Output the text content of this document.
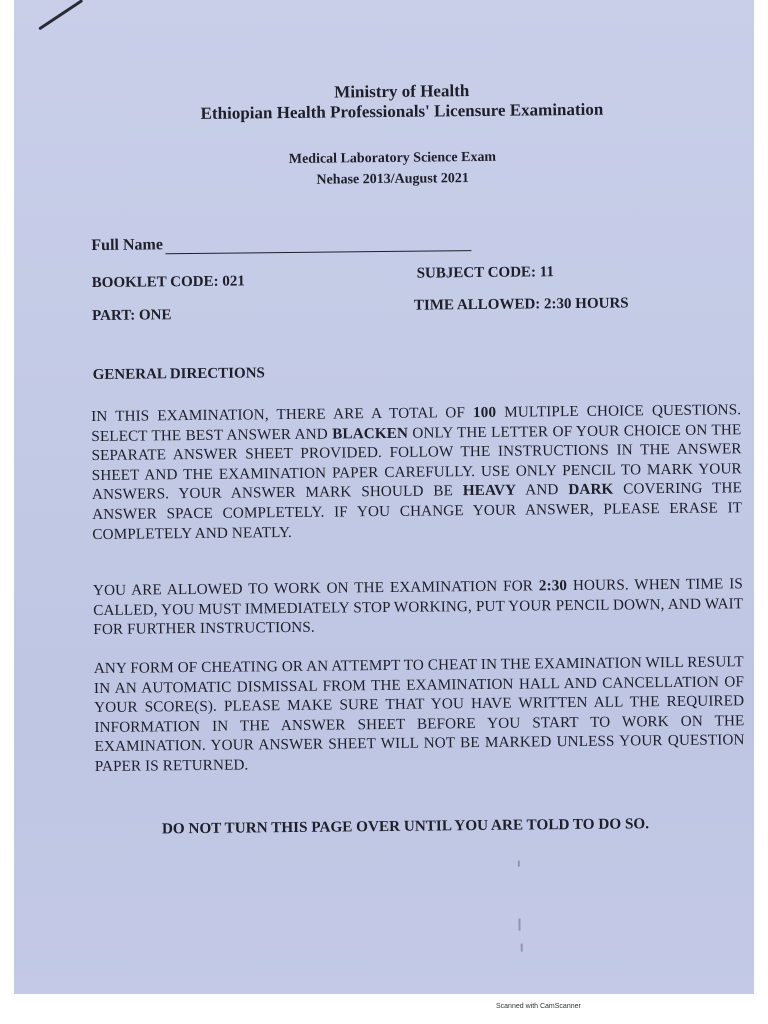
Ministry of Health

Ethiopian Health Professionals' Licensure Examination

Medical Laboratory Science Exam

Nehase 2013/August 2021

Full Name
BOOKLET CODE: 021
SUBJECT CODE: 11
PART: ONE
TIME ALLOWED: 2:30 HOURS
GENERAL DIRECTIONS

IN THIS EXAMINATION, THERE ARE A TOTAL OF 100 MULTIPLE CHOICE QUESTIONS. SELECT THE BEST ANSWER AND BLACKEN ONLY THE LETTER OF YOUR CHOICE ON THE SEPARATE ANSWER SHEET PROVIDED. FOLLOW THE INSTRUCTIONS IN THE ANSWER SHEET AND THE EXAMINATION PAPER CAREFULLY. USE ONLY PENCIL TO MARK YOUR ANSWERS. YOUR ANSWER MARK SHOULD BE HEAVY AND DARK COVERING THE ANSWER SPACE COMPLETELY. IF YOU CHANGE YOUR ANSWER, PLEASE ERASE IT COMPLETELY AND NEATLY.

YOU ARE ALLOWED TO WORK ON THE EXAMINATION FOR 2:30 HOURS. WHEN TIME IS CALLED, YOU MUST IMMEDIATELY STOP WORKING, PUT YOUR PENCIL DOWN, AND WAIT FOR FURTHER INSTRUCTIONS.

ANY FORM OF CHEATING OR AN ATTEMPT TO CHEAT IN THE EXAMINATION WILL RESULT IN AN AUTOMATIC DISMISSAL FROM THE EXAMINATION HALL AND CANCELLATION OF YOUR SCORE(S). PLEASE MAKE SURE THAT YOU HAVE WRITTEN ALL THE REQUIRED INFORMATION IN THE ANSWER SHEET BEFORE YOU START TO WORK ON THE EXAMINATION. YOUR ANSWER SHEET WILL NOT BE MARKED UNLESS YOUR QUESTION PAPER IS RETURNED.

DO NOT TURN THIS PAGE OVER UNTIL YOU ARE TOLD TO DO SO.
Scanned with CamScanner
